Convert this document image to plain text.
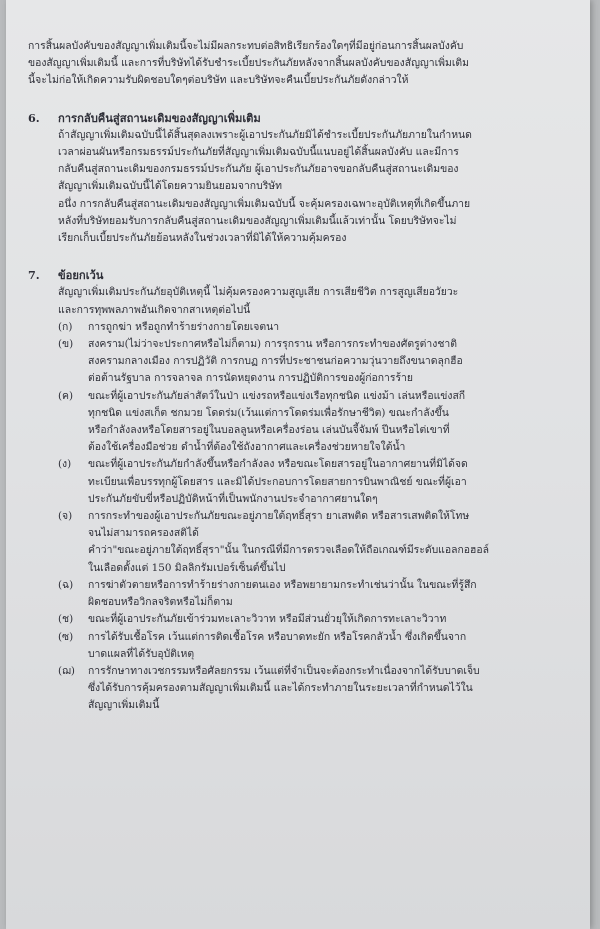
การสิ้นผลบังคับของสัญญาเพิ่มเติมนี้จะไม่มีผลกระทบต่อสิทธิเรียกร้องใดๆที่มีอยู่ก่อนการสิ้นผลบังคับ
ของสัญญาเพิ่มเติมนี้ และการที่บริษัทได้รับชำระเบี้ยประกันภัยหลังจากสิ้นผลบังคับของสัญญาเพิ่มเติม
นี้จะไม่ก่อให้เกิดความรับผิดชอบใดๆต่อบริษัท และบริษัทจะคืนเบี้ยประกันภัยดังกล่าวให้
6. การกลับคืนสู่สถานะเดิมของสัญญาเพิ่มเติม
ถ้าสัญญาเพิ่มเติมฉบับนี้ได้สิ้นสุดลงเพราะผู้เอาประกันภัยมิได้ชำระเบี้ยประกันภัยภายในกำหนด
เวลาผ่อนผันหรือกรมธรรม์ประกันภัยที่สัญญาเพิ่มเติมฉบับนี้แนบอยู่ได้สิ้นผลบังคับ และมีการ
กลับคืนสู่สถานะเดิมของกรมธรรม์ประกันภัย ผู้เอาประกันภัยอาจขอกลับคืนสู่สถานะเดิมของ
สัญญาเพิ่มเติมฉบับนี้ได้โดยความยินยอมจากบริษัท
อนึ่ง การกลับคืนสู่สถานะเดิมของสัญญาเพิ่มเติมฉบับนี้ จะคุ้มครองเฉพาะอุบัติเหตุที่เกิดขึ้นภาย
หลังที่บริษัทยอมรับการกลับคืนสู่สถานะเดิมของสัญญาเพิ่มเติมนี้แล้วเท่านั้น โดยบริษัทจะไม่
เรียกเก็บเบี้ยประกันภัยย้อนหลังในช่วงเวลาที่มิได้ให้ความคุ้มครอง
7. ข้อยกเว้น
สัญญาเพิ่มเติมประกันภัยอุบัติเหตุนี้ ไม่คุ้มครองความสูญเสีย การเสียชีวิต การสูญเสียอวัยวะ
และการทุพพลภาพอันเกิดจากสาเหตุต่อไปนี้
(ก)	การถูกฆ่า หรือถูกทำร้ายร่างกายโดยเจตนา
(ข)	สงคราม(ไม่ว่าจะประกาศหรือไม่ก็ตาม) การรุกราน หรือการกระทำของศัตรูต่างชาติ
สงครามกลางเมือง การปฏิวัติ การกบฏ การที่ประชาชนก่อความวุ่นวายถึงขนาดลุกฮือ
ต่อต้านรัฐบาล การจลาจล การนัดหยุดงาน การปฏิบัติการของผู้ก่อการร้าย
(ค)	ขณะที่ผู้เอาประกันภัยล่าสัตว์ในป่า แข่งรถหรือแข่งเรือทุกชนิด แข่งม้า เล่นหรือแข่งสกี
ทุกชนิด แข่งสเก็ต ชกมวย โดดร่ม(เว้นแต่การโดดร่มเพื่อรักษาชีวิต) ขณะกำลังขึ้น
หรือกำลังลงหรือโดยสารอยู่ในบอลลูนหรือเครื่องร่อน เล่นบันจี้จัมพ์ ปีนหรือไต่เขาที่
ต้องใช้เครื่องมือช่วย ดำน้ำที่ต้องใช้ถังอากาศและเครื่องช่วยหายใจใต้น้ำ
(ง)	ขณะที่ผู้เอาประกันภัยกำลังขึ้นหรือกำลังลง หรือขณะโดยสารอยู่ในอากาศยานที่มิได้จด
ทะเบียนเพื่อบรรทุกผู้โดยสาร และมิได้ประกอบการโดยสายการบินพาณิชย์ ขณะที่ผู้เอา
ประกันภัยขับขี่หรือปฏิบัติหน้าที่เป็นพนักงานประจำอากาศยานใดๆ
(จ)	การกระทำของผู้เอาประกันภัยขณะอยู่ภายใต้ฤทธิ์สุรา ยาเสพติด หรือสารเสพติดให้โทษ
จนไม่สามารถครองสติได้
คำว่า"ขณะอยู่ภายใต้ฤทธิ์สุรา"นั้น ในกรณีที่มีการตรวจเลือดให้ถือเกณฑ์มีระดับแอลกอฮอล์
ในเลือดตั้งแต่ 150 มิลลิกรัมเปอร์เซ็นต์ขึ้นไป
(ฉ)	การฆ่าตัวตายหรือการทำร้ายร่างกายตนเอง หรือพยายามกระทำเช่นว่านั้น ในขณะที่รู้สึก
ผิดชอบหรือวิกลจริตหรือไม่ก็ตาม
(ช)	ขณะที่ผู้เอาประกันภัยเข้าร่วมทะเลาะวิวาท หรือมีส่วนยั่วยุให้เกิดการทะเลาะวิวาท
(ซ)	การได้รับเชื้อโรค เว้นแต่การติดเชื้อโรค หรือบาดทะยัก หรือโรคกลัวน้ำ ซึ่งเกิดขึ้นจาก
บาดแผลที่ได้รับอุบัติเหตุ
(ฌ)	การรักษาทางเวชกรรมหรือศัลยกรรม เว้นแต่ที่จำเป็นจะต้องกระทำเนื่องจากได้รับบาดเจ็บ
ซึ่งได้รับการคุ้มครองตามสัญญาเพิ่มเติมนี้ และได้กระทำภายในระยะเวลาที่กำหนดไว้ใน
สัญญาเพิ่มเติมนี้
